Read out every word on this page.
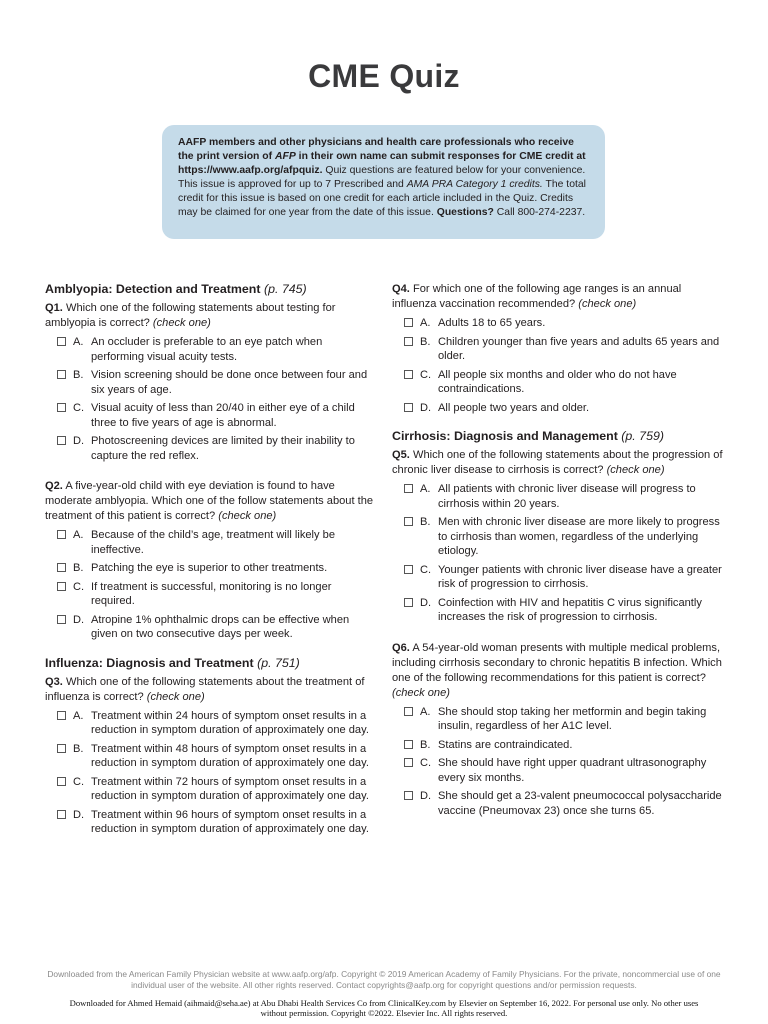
CME Quiz
AAFP members and other physicians and health care professionals who receive the print version of AFP in their own name can submit responses for CME credit at https://www.aafp.org/afpquiz. Quiz questions are featured below for your convenience. This issue is approved for up to 7 Prescribed and AMA PRA Category 1 credits. The total credit for this issue is based on one credit for each article included in the Quiz. Credits may be claimed for one year from the date of this issue. Questions? Call 800-274-2237.
Amblyopia: Detection and Treatment (p. 745)
Q1. Which one of the following statements about testing for amblyopia is correct? (check one)
A. An occluder is preferable to an eye patch when performing visual acuity tests.
B. Vision screening should be done once between four and six years of age.
C. Visual acuity of less than 20/40 in either eye of a child three to five years of age is abnormal.
D. Photoscreening devices are limited by their inability to capture the red reflex.
Q2. A five-year-old child with eye deviation is found to have moderate amblyopia. Which one of the follow statements about the treatment of this patient is correct? (check one)
A. Because of the child’s age, treatment will likely be ineffective.
B. Patching the eye is superior to other treatments.
C. If treatment is successful, monitoring is no longer required.
D. Atropine 1% ophthalmic drops can be effective when given on two consecutive days per week.
Influenza: Diagnosis and Treatment (p. 751)
Q3. Which one of the following statements about the treatment of influenza is correct? (check one)
A. Treatment within 24 hours of symptom onset results in a reduction in symptom duration of approximately one day.
B. Treatment within 48 hours of symptom onset results in a reduction in symptom duration of approximately one day.
C. Treatment within 72 hours of symptom onset results in a reduction in symptom duration of approximately one day.
D. Treatment within 96 hours of symptom onset results in a reduction in symptom duration of approximately one day.
Q4. For which one of the following age ranges is an annual influenza vaccination recommended? (check one)
A. Adults 18 to 65 years.
B. Children younger than five years and adults 65 years and older.
C. All people six months and older who do not have contraindications.
D. All people two years and older.
Cirrhosis: Diagnosis and Management (p. 759)
Q5. Which one of the following statements about the progression of chronic liver disease to cirrhosis is correct? (check one)
A. All patients with chronic liver disease will progress to cirrhosis within 20 years.
B. Men with chronic liver disease are more likely to progress to cirrhosis than women, regardless of the underlying etiology.
C. Younger patients with chronic liver disease have a greater risk of progression to cirrhosis.
D. Coinfection with HIV and hepatitis C virus significantly increases the risk of progression to cirrhosis.
Q6. A 54-year-old woman presents with multiple medical problems, including cirrhosis secondary to chronic hepatitis B infection. Which one of the following recommendations for this patient is correct? (check one)
A. She should stop taking her metformin and begin taking insulin, regardless of her A1C level.
B. Statins are contraindicated.
C. She should have right upper quadrant ultrasonography every six months.
D. She should get a 23-valent pneumococcal polysaccharide vaccine (Pneumovax 23) once she turns 65.
Downloaded from the American Family Physician website at www.aafp.org/afp. Copyright © 2019 American Academy of Family Physicians. For the private, noncommercial use of one individual user of the website. All other rights reserved. Contact copyrights@aafp.org for copyright questions and/or permission requests.
Downloaded for Ahmed Hemaid (aihmaid@seha.ae) at Abu Dhabi Health Services Co from ClinicalKey.com by Elsevier on September 16, 2022. For personal use only. No other uses without permission. Copyright ©2022. Elsevier Inc. All rights reserved.
